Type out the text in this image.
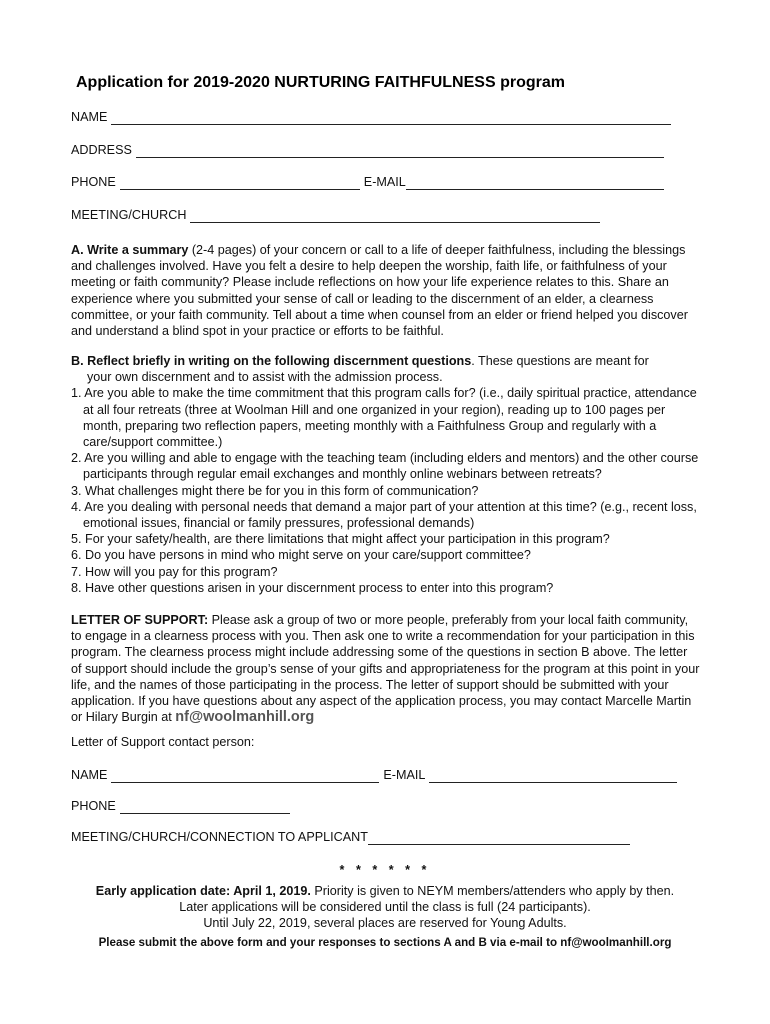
Application for 2019-2020 NURTURING FAITHFULNESS program
NAME
ADDRESS
PHONE	E-MAIL
MEETING/CHURCH

A. Write a summary (2-4 pages) of your concern or call to a life of deeper faithfulness, including the blessings and challenges involved. Have you felt a desire to help deepen the worship, faith life, or faithfulness of your meeting or faith community? Please include reflections on how your life experience relates to this. Share an experience where you submitted your sense of call or leading to the discernment of an elder, a clearness committee, or your faith community. Tell about a time when counsel from an elder or friend helped you discover and understand a blind spot in your practice or efforts to be faithful.

B. Reflect briefly in writing on the following discernment questions. These questions are meant for

your own discernment and to assist with the admission process.

1. Are you able to make the time commitment that this program calls for? (i.e., daily spiritual practice, attendance at all four retreats (three at Woolman Hill and one organized in your region), reading up to 100 pages per month, preparing two reflection papers, meeting monthly with a Faithfulness Group and regularly with a care/support committee.)
2. Are you willing and able to engage with the teaching team (including elders and mentors) and the other course participants through regular email exchanges and monthly online webinars between retreats?
3. What challenges might there be for you in this form of communication?
4. Are you dealing with personal needs that demand a major part of your attention at this time? (e.g., recent loss, emotional issues, financial or family pressures, professional demands)
5. For your safety/health, are there limitations that might affect your participation in this program?
6. Do you have persons in mind who might serve on your care/support committee?
7. How will you pay for this program?
8. Have other questions arisen in your discernment process to enter into this program?

LETTER OF SUPPORT: Please ask a group of two or more people, preferably from your local faith community, to engage in a clearness process with you. Then ask one to write a recommendation for your participation in this program. The clearness process might include addressing some of the questions in section B above. The letter of support should include the group’s sense of your gifts and appropriateness for the program at this point in your life, and the names of those participating in the process. The letter of support should be submitted with your application. If you have questions about any aspect of the application process, you may contact Marcelle Martin or Hilary Burgin at nf@woolmanhill.org

Letter of Support contact person:
NAME	E-MAIL
PHONE
MEETING/CHURCH/CONNECTION TO APPLICANT
* * * * * *
Early application date: April 1, 2019. Priority is given to NEYM members/attenders who apply by then.
Later applications will be considered until the class is full (24 participants).
Until July 22, 2019, several places are reserved for Young Adults.
Please submit the above form and your responses to sections A and B via e-mail to nf@woolmanhill.org
